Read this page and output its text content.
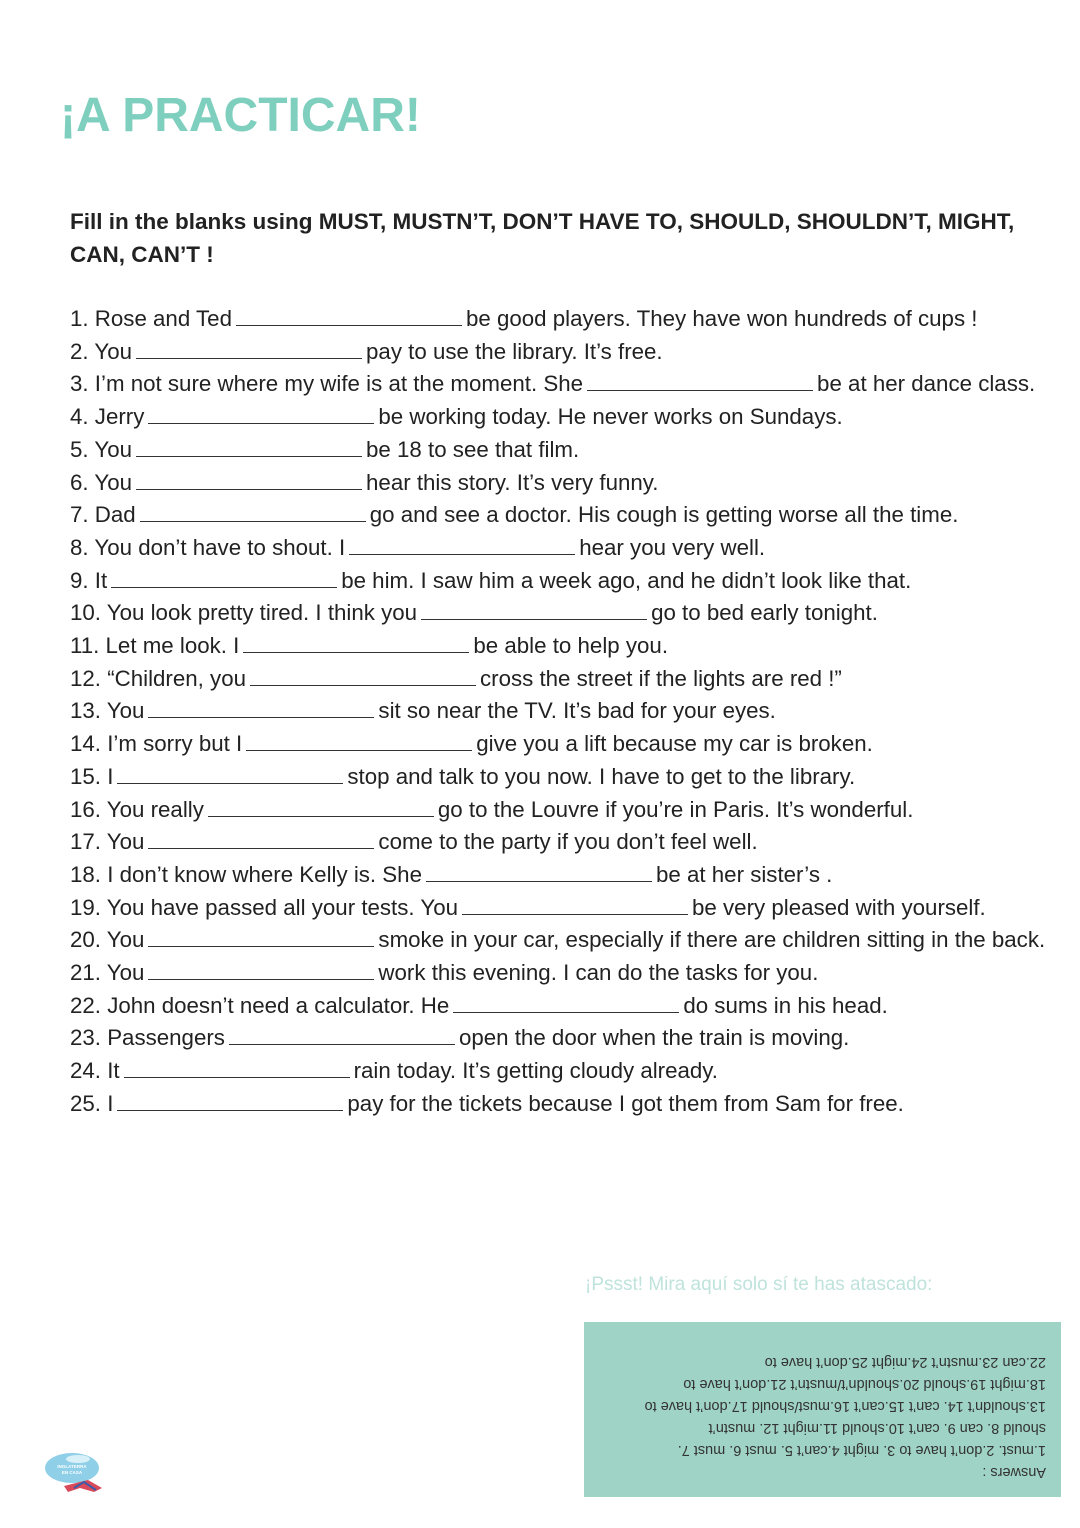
¡A PRACTICAR!
Fill in the blanks using MUST, MUSTN’T, DON’T HAVE TO, SHOULD, SHOULDN’T, MIGHT, CAN, CAN’T !
1. Rose and Ted	be good players. They have won hundreds of cups !
2. You	pay to use the library. It’s free.
3. I’m not sure where my wife is at the moment. She	be at her dance class.
4. Jerry	be working today. He never works on Sundays.
5. You	be 18 to see that film.
6. You	hear this story. It’s very funny.
7. Dad	go and see a doctor. His cough is getting worse all the time.
8. You don’t have to shout. I	hear you very well.
9. It	be him. I saw him a week ago, and he didn’t look like that.
10. You look pretty tired. I think you	go to bed early tonight.
11. Let me look. I	be able to help you.
12. “Children, you	cross the street if the lights are red !”
13. You	sit so near the TV. It’s bad for your eyes.
14. I’m sorry but I	give you a lift because my car is broken.
15. I	stop and talk to you now. I have to get to the library.
16. You really	go to the Louvre if you’re in Paris. It’s wonderful.
17. You	come to the party if you don’t feel well.
18. I don’t know where Kelly is. She	be at her sister’s .
19. You have passed all your tests. You	be very pleased with yourself.
20. You	smoke in your car, especially if there are children sitting in the back.
21. You	work this evening. I can do the tasks for you.
22. John doesn’t need a calculator. He	do sums in his head.
23. Passengers	open the door when the train is moving.
24. It	rain today. It’s getting cloudy already.
25. I	pay for the tickets because I got them from Sam for free.
¡Pssst! Mira aquí solo sí te has atascado:
Answers :
1.must. 2.don’t have to 3. might 4.can’t 5. must 6. must 7.
should 8. can 9. can’t 10.should 11.might 12. mustn’t
13.shouldn’t 14. can’t 15.can’t 16.must/should 17.don’t have to
18.might 19.should 20.shouldn’t/mustn’t 21.don’t have to
22.can 23.mustn’t 24.might 25.don’t have to
INGLATERRA
EN CASA
